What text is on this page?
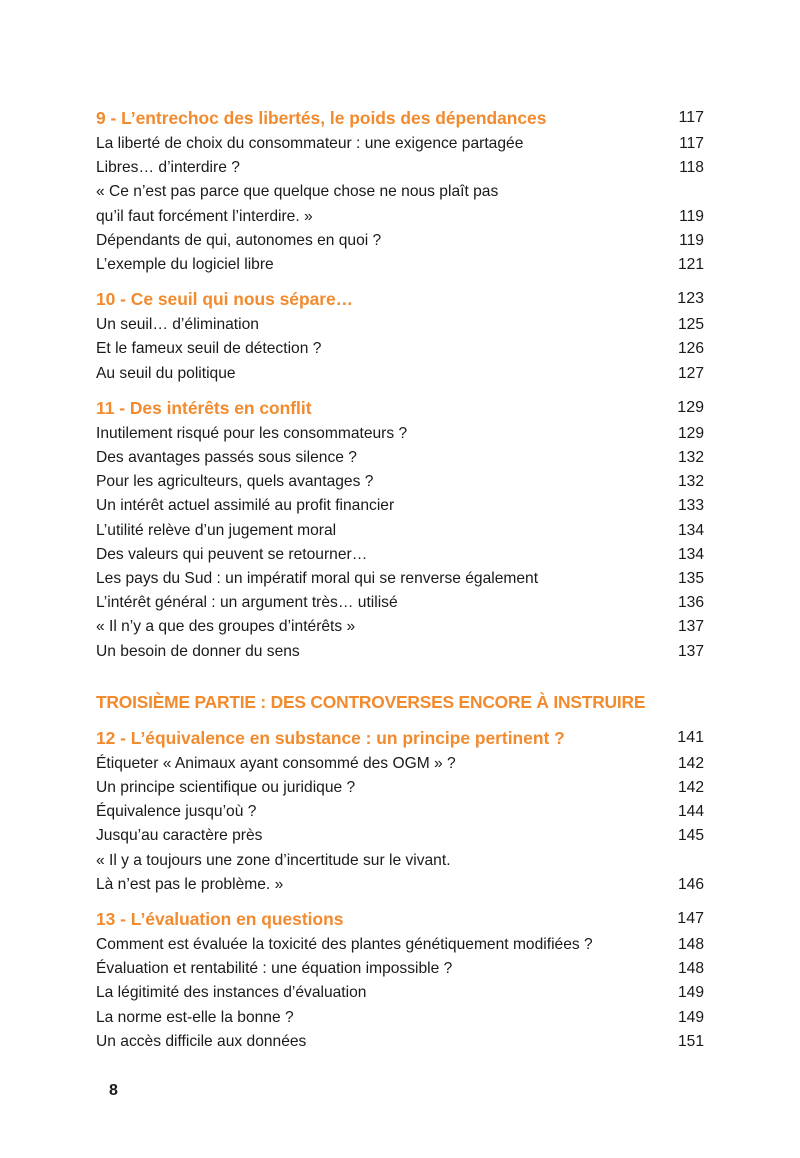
9 - L’entrechoc des libertés, le poids des dépendances	117
La liberté de choix du consommateur : une exigence partagée	117
Libres… d’interdire ?	118
« Ce n’est pas parce que quelque chose ne nous plaît pas
qu’il faut forcément l’interdire. »	119
Dépendants de qui, autonomes en quoi ?	119
L’exemple du logiciel libre	121
10 - Ce seuil qui nous sépare…	123
Un seuil… d’élimination	125
Et le fameux seuil de détection ?	126
Au seuil du politique	127
11 - Des intérêts en conflit	129
Inutilement risqué pour les consommateurs ?	129
Des avantages passés sous silence ?	132
Pour les agriculteurs, quels avantages ?	132
Un intérêt actuel assimilé au profit financier	133
L’utilité relève d’un jugement moral	134
Des valeurs qui peuvent se retourner…	134
Les pays du Sud : un impératif moral qui se renverse également	135
L’intérêt général : un argument très… utilisé	136
« Il n’y a que des groupes d’intérêts »	137
Un besoin de donner du sens	137
TROISIÈME PARTIE : DES CONTROVERSES ENCORE À INSTRUIRE
12 - L’équivalence en substance : un principe pertinent ?	141
Étiqueter « Animaux ayant consommé des OGM » ?	142
Un principe scientifique ou juridique ?	142
Équivalence jusqu’où ?	144
Jusqu’au caractère près	145
« Il y a toujours une zone d’incertitude sur le vivant.
Là n’est pas le problème. »	146
13 - L’évaluation en questions	147
Comment est évaluée la toxicité des plantes génétiquement modifiées ?	148
Évaluation et rentabilité : une équation impossible ?	148
La légitimité des instances d’évaluation	149
La norme est-elle la bonne ?	149
Un accès difficile aux données	151
8
